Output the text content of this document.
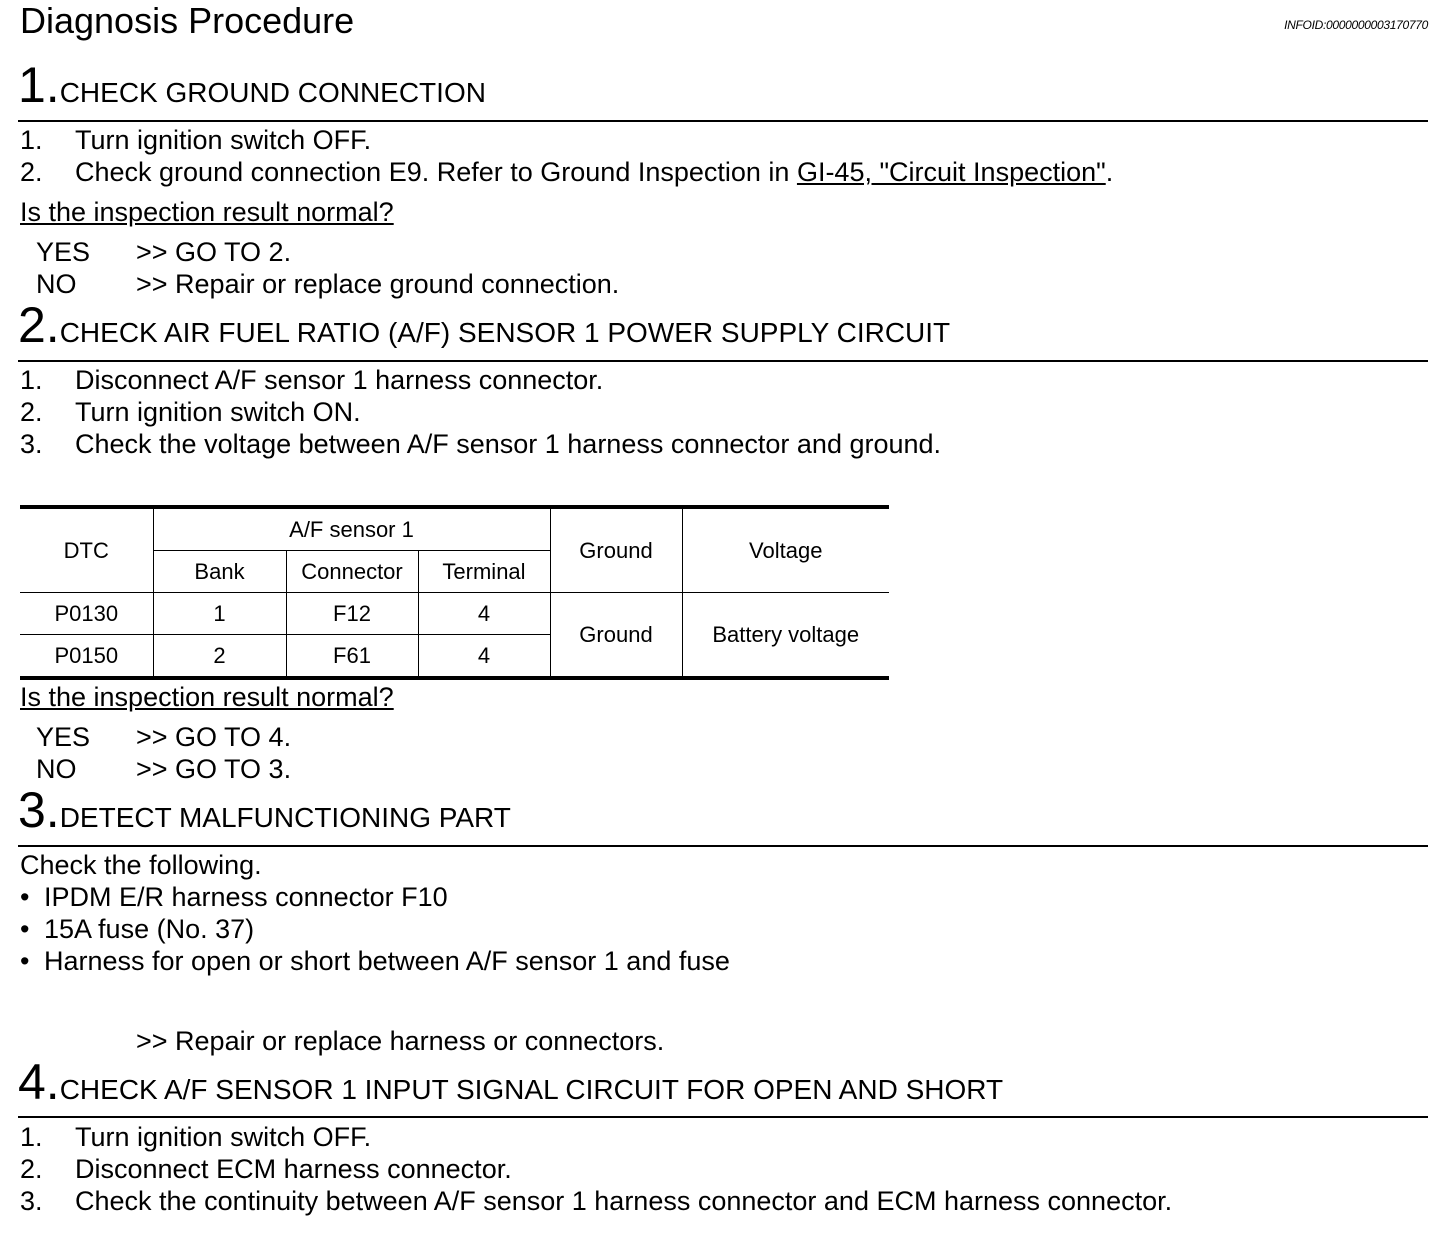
Diagnosis Procedure	INFOID:0000000003170770
1.CHECK GROUND CONNECTION
1. Turn ignition switch OFF.
2. Check ground connection E9. Refer to Ground Inspection in GI-45, "Circuit Inspection".
Is the inspection result normal?
YES >> GO TO 2.
NO >> Repair or replace ground connection.
2.CHECK AIR FUEL RATIO (A/F) SENSOR 1 POWER SUPPLY CIRCUIT
1. Disconnect A/F sensor 1 harness connector.
2. Turn ignition switch ON.
3. Check the voltage between A/F sensor 1 harness connector and ground.
DTC	A/F sensor 1			Ground	Voltage
	Bank	Connector	Terminal		
P0130	1	F12	4	Ground	Battery voltage
P0150	2	F61	4		
Is the inspection result normal?
YES >> GO TO 4.
NO >> GO TO 3.
3.DETECT MALFUNCTIONING PART
Check the following.
• IPDM E/R harness connector F10
• 15A fuse (No. 37)
• Harness for open or short between A/F sensor 1 and fuse
>> Repair or replace harness or connectors.
4.CHECK A/F SENSOR 1 INPUT SIGNAL CIRCUIT FOR OPEN AND SHORT
1. Turn ignition switch OFF.
2. Disconnect ECM harness connector.
3. Check the continuity between A/F sensor 1 harness connector and ECM harness connector.
